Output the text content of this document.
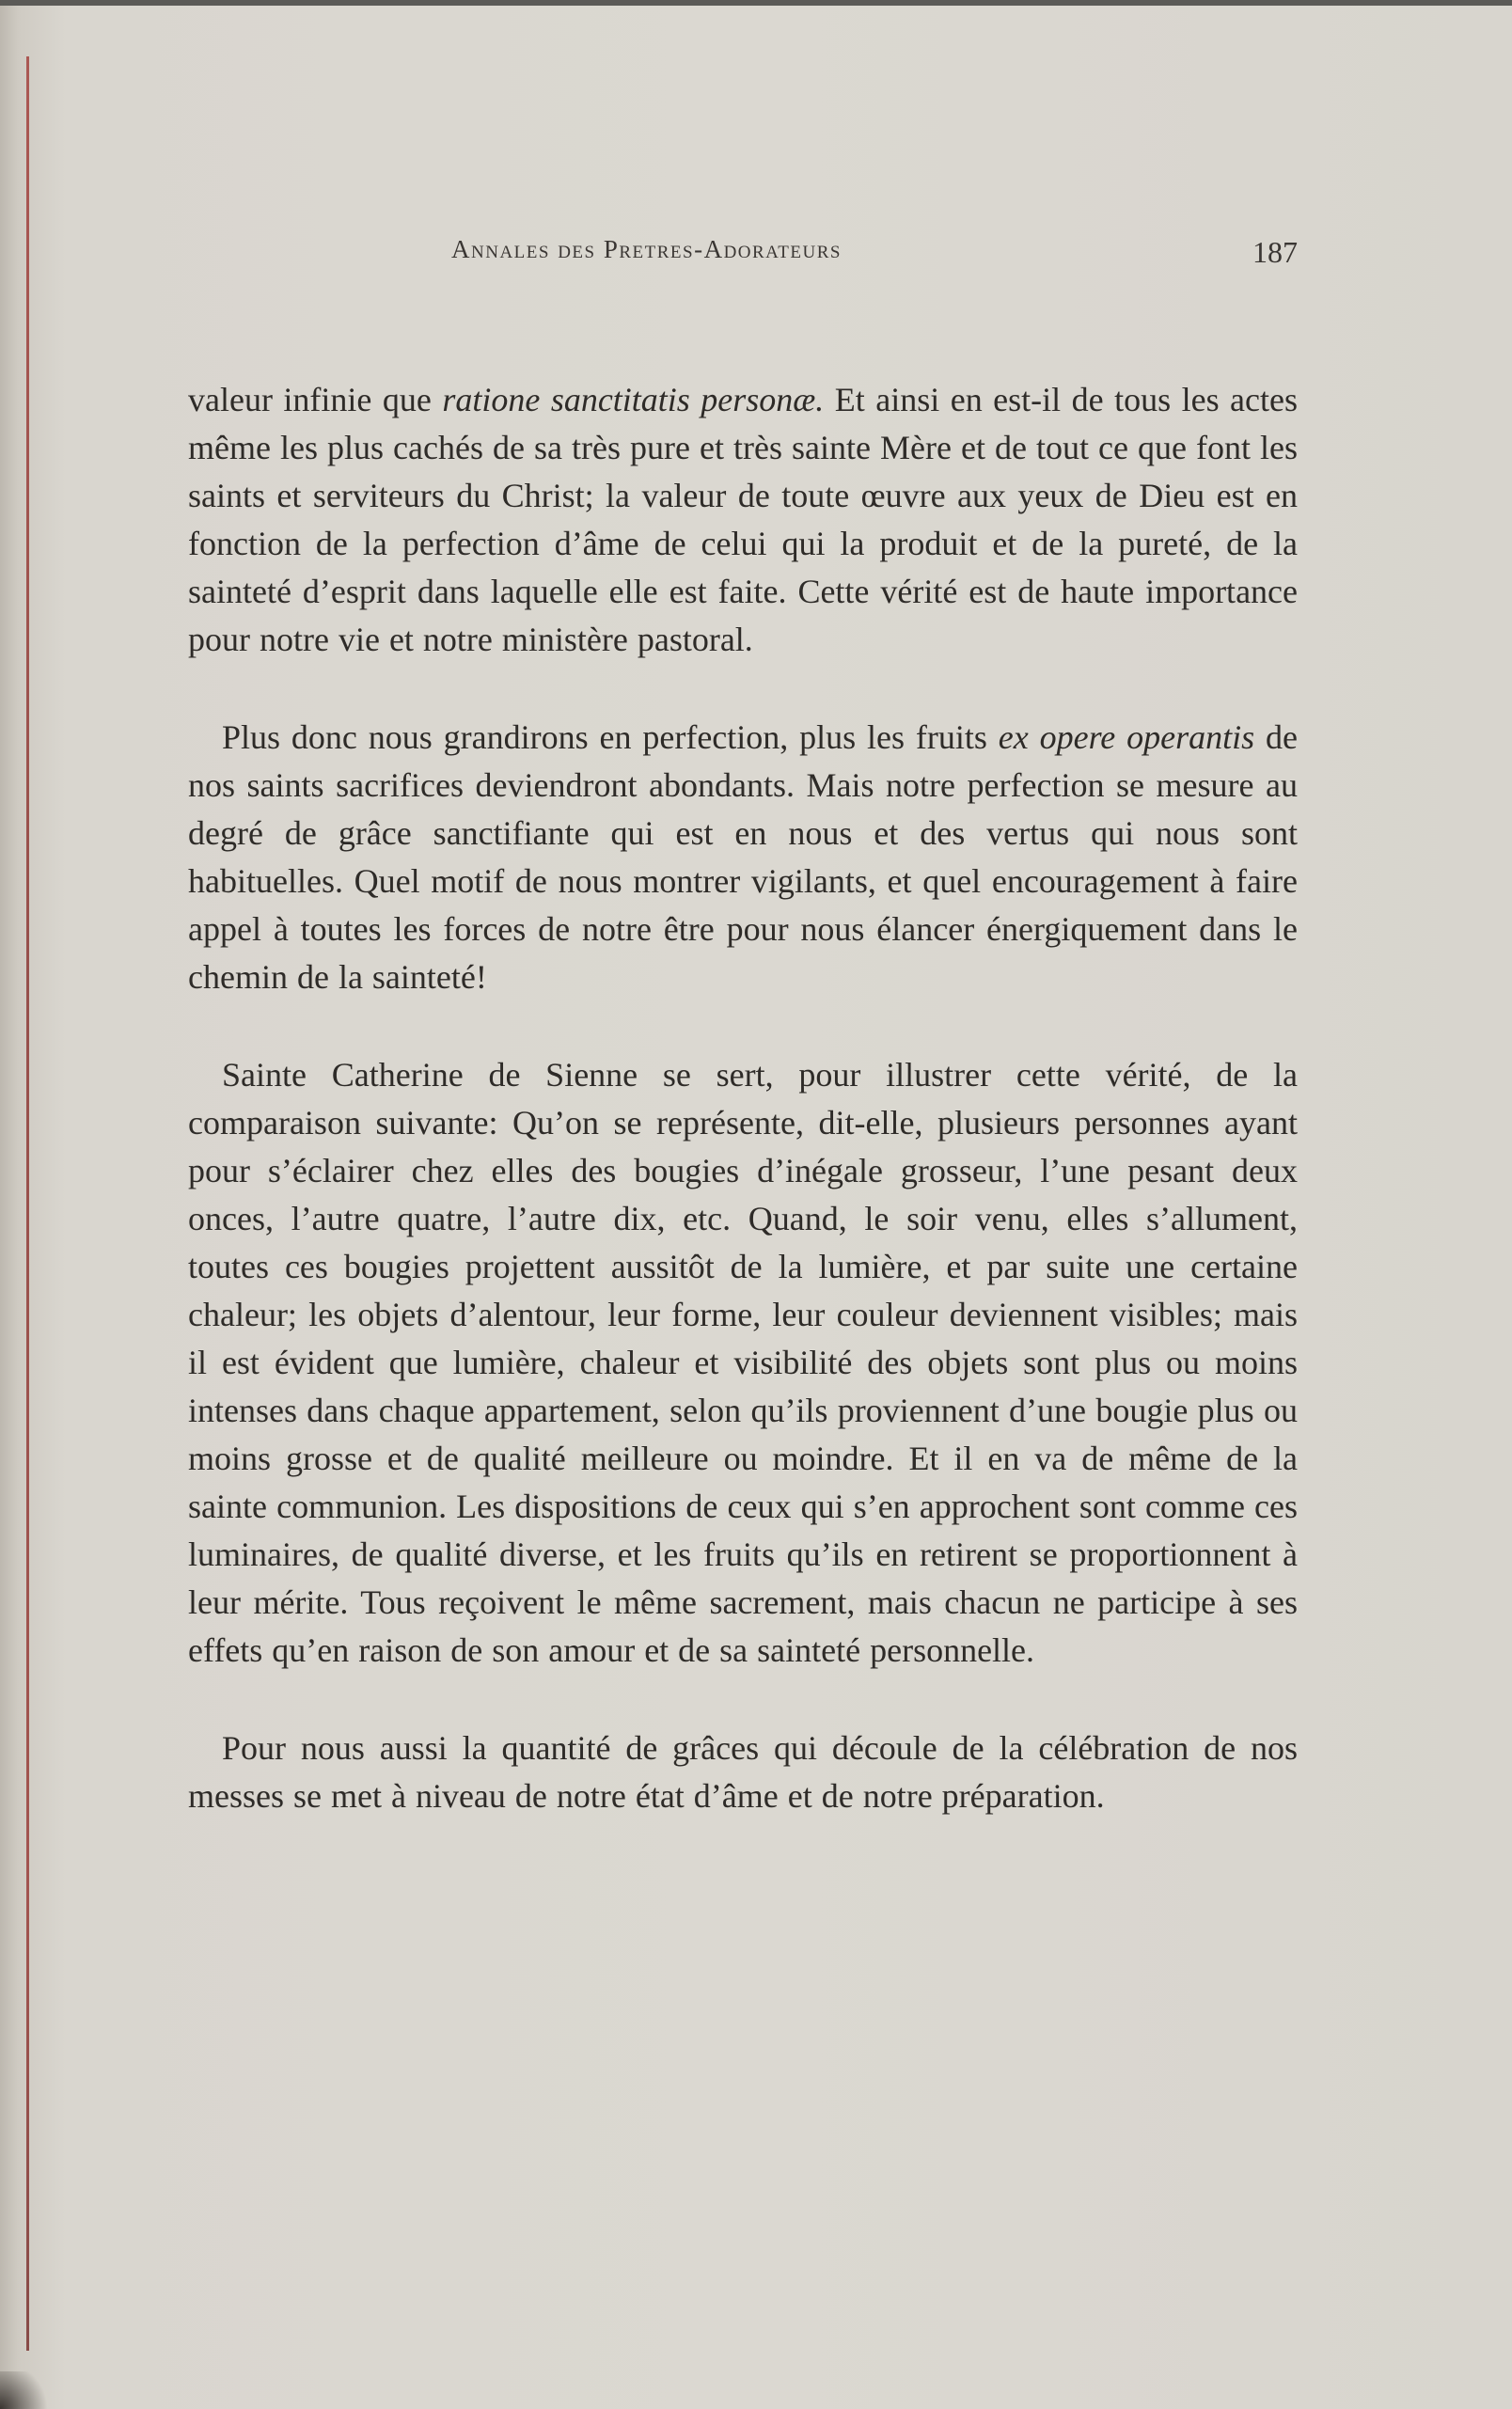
Annales des Pretres-Adorateurs	187

valeur infinie que ratione sanctitatis personæ. Et ainsi en est-il de tous les actes même les plus cachés de sa très pure et très sainte Mère et de tout ce que font les saints et serviteurs du Christ; la valeur de toute œuvre aux yeux de Dieu est en fonction de la perfection d’âme de celui qui la produit et de la pureté, de la sainteté d’esprit dans laquelle elle est faite. Cette vérité est de haute importance pour notre vie et notre ministère pastoral.

Plus donc nous grandirons en perfection, plus les fruits ex opere operantis de nos saints sacrifices deviendront abondants. Mais notre perfection se mesure au degré de grâce sanctifiante qui est en nous et des vertus qui nous sont habituelles. Quel motif de nous montrer vigilants, et quel encouragement à faire appel à toutes les forces de notre être pour nous élancer énergiquement dans le chemin de la sainteté!

Sainte Catherine de Sienne se sert, pour illustrer cette vérité, de la comparaison suivante: Qu’on se représente, dit-elle, plusieurs personnes ayant pour s’éclairer chez elles des bougies d’inégale grosseur, l’une pesant deux onces, l’autre quatre, l’autre dix, etc. Quand, le soir venu, elles s’allument, toutes ces bougies projettent aussitôt de la lumière, et par suite une certaine chaleur; les objets d’alentour, leur forme, leur couleur deviennent visibles; mais il est évident que lumière, chaleur et visibilité des objets sont plus ou moins intenses dans chaque appartement, selon qu’ils proviennent d’une bougie plus ou moins grosse et de qualité meilleure ou moindre. Et il en va de même de la sainte communion. Les dispositions de ceux qui s’en approchent sont comme ces luminaires, de qualité diverse, et les fruits qu’ils en retirent se proportionnent à leur mérite. Tous reçoivent le même sacrement, mais chacun ne participe à ses effets qu’en raison de son amour et de sa sainteté personnelle.

Pour nous aussi la quantité de grâces qui découle de la célébration de nos messes se met à niveau de notre état d’âme et de notre préparation.
